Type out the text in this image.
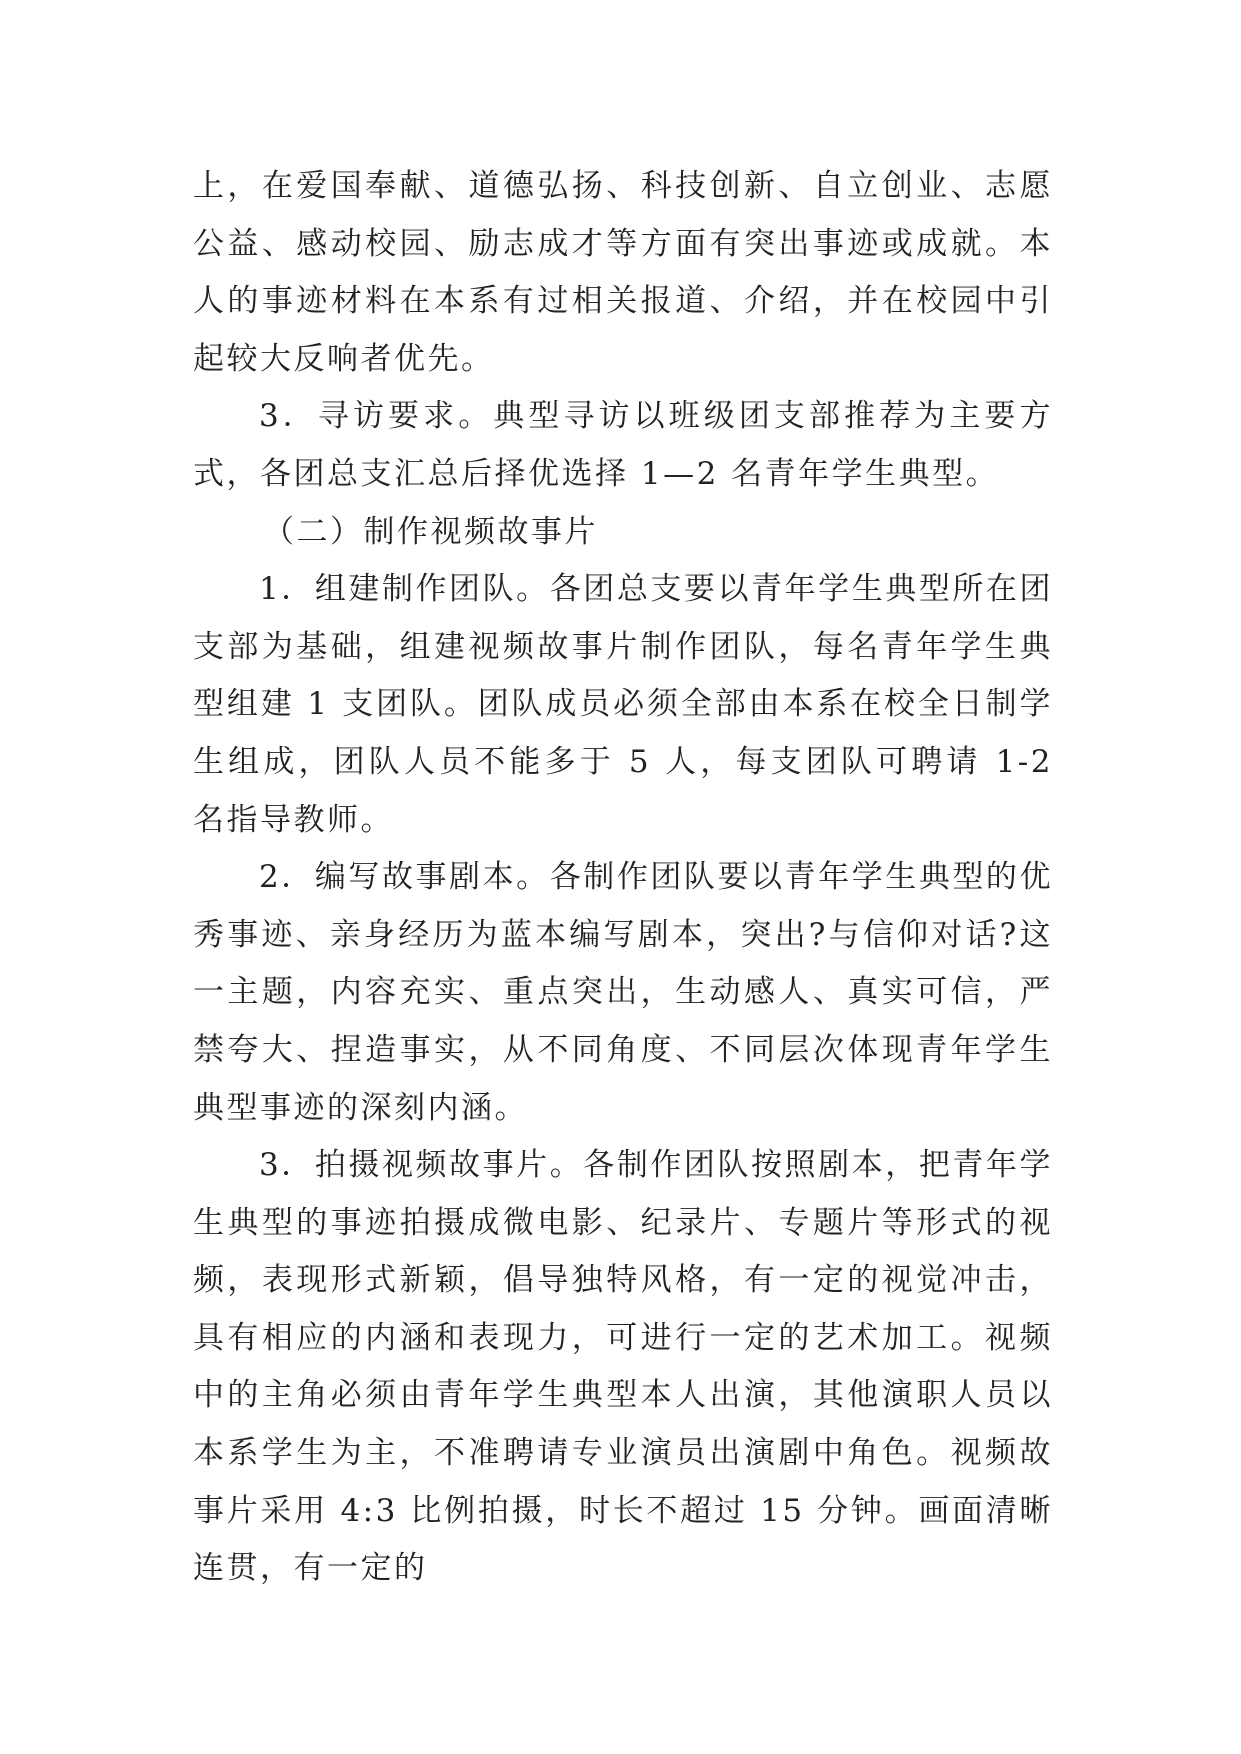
上，在爱国奉献、道德弘扬、科技创新、自立创业、志愿公益、感动校园、励志成才等方面有突出事迹或成就。本人的事迹材料在本系有过相关报道、介绍，并在校园中引起较大反响者优先。

3．寻访要求。典型寻访以班级团支部推荐为主要方式，各团总支汇总后择优选择 1—2 名青年学生典型。

（二）制作视频故事片

1．组建制作团队。各团总支要以青年学生典型所在团支部为基础，组建视频故事片制作团队，每名青年学生典型组建 1 支团队。团队成员必须全部由本系在校全日制学生组成，团队人员不能多于 5 人，每支团队可聘请 1-2 名指导教师。

2．编写故事剧本。各制作团队要以青年学生典型的优秀事迹、亲身经历为蓝本编写剧本，突出?与信仰对话?这一主题，内容充实、重点突出，生动感人、真实可信，严禁夸大、捏造事实，从不同角度、不同层次体现青年学生典型事迹的深刻内涵。

3．拍摄视频故事片。各制作团队按照剧本，把青年学生典型的事迹拍摄成微电影、纪录片、专题片等形式的视频，表现形式新颖，倡导独特风格，有一定的视觉冲击，具有相应的内涵和表现力，可进行一定的艺术加工。视频中的主角必须由青年学生典型本人出演，其他演职人员以本系学生为主，不准聘请专业演员出演剧中角色。视频故事片采用 4:3 比例拍摄，时长不超过 15 分钟。画面清晰连贯，有一定的
